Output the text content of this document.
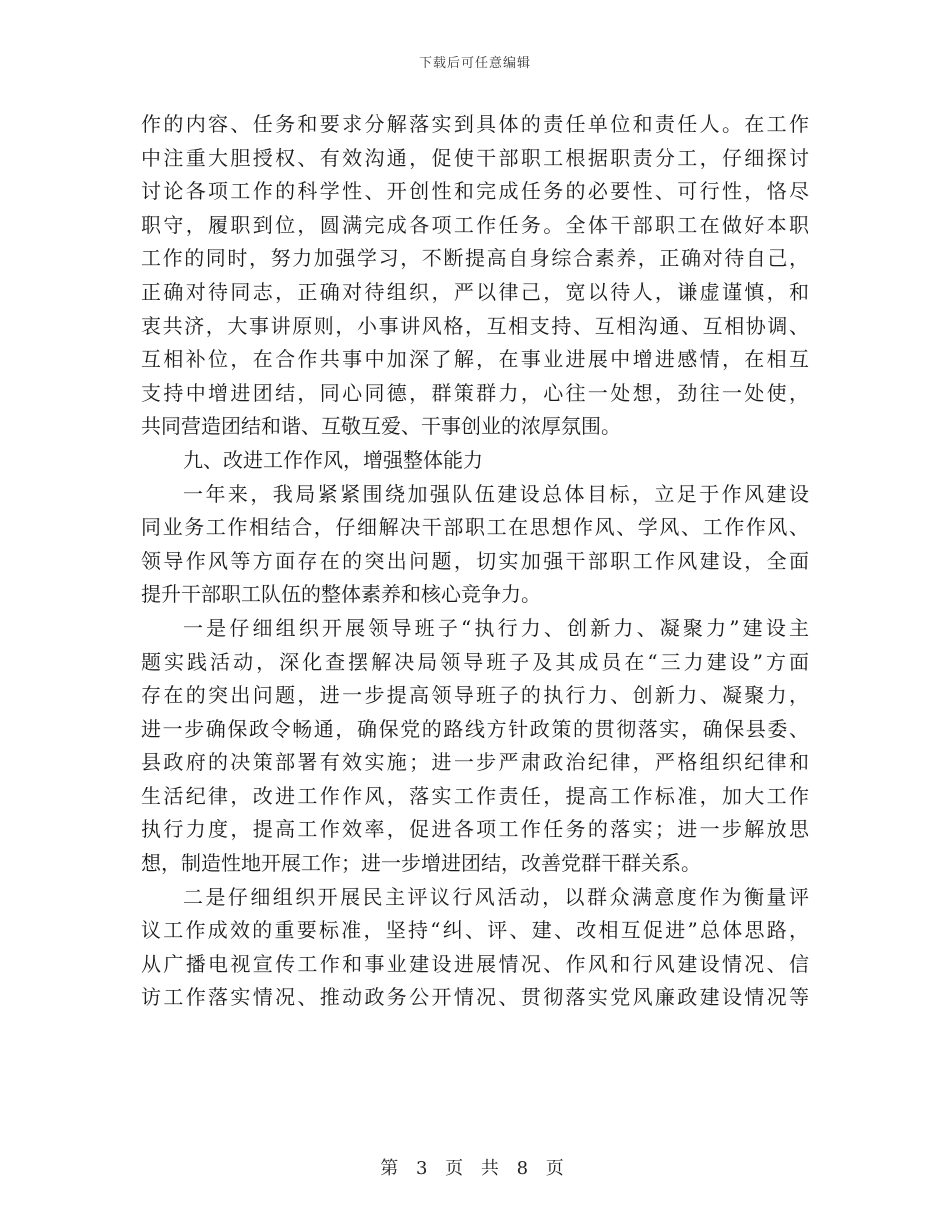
下载后可任意编辑
作的内容、任务和要求分解落实到具体的责任单位和责任人。在工作
中注重大胆授权、有效沟通，促使干部职工根据职责分工，仔细探讨
讨论各项工作的科学性、开创性和完成任务的必要性、可行性，恪尽
职守，履职到位，圆满完成各项工作任务。全体干部职工在做好本职
工作的同时，努力加强学习，不断提高自身综合素养，正确对待自己，
正确对待同志，正确对待组织，严以律己，宽以待人，谦虚谨慎，和
衷共济，大事讲原则，小事讲风格，互相支持、互相沟通、互相协调、
互相补位，在合作共事中加深了解，在事业进展中增进感情，在相互
支持中增进团结，同心同德，群策群力，心往一处想，劲往一处使，
共同营造团结和谐、互敬互爱、干事创业的浓厚氛围。
九、改进工作作风，增强整体能力
一年来，我局紧紧围绕加强队伍建设总体目标，立足于作风建设
同业务工作相结合，仔细解决干部职工在思想作风、学风、工作作风、
领导作风等方面存在的突出问题，切实加强干部职工作风建设，全面
提升干部职工队伍的整体素养和核心竞争力。
一是仔细组织开展领导班子“执行力、创新力、凝聚力”建设主
题实践活动，深化查摆解决局领导班子及其成员在“三力建设”方面
存在的突出问题，进一步提高领导班子的执行力、创新力、凝聚力，
进一步确保政令畅通，确保党的路线方针政策的贯彻落实，确保县委、
县政府的决策部署有效实施；进一步严肃政治纪律，严格组织纪律和
生活纪律，改进工作作风，落实工作责任，提高工作标准，加大工作
执行力度，提高工作效率，促进各项工作任务的落实；进一步解放思
想，制造性地开展工作；进一步增进团结，改善党群干群关系。
二是仔细组织开展民主评议行风活动，以群众满意度作为衡量评
议工作成效的重要标准，坚持“纠、评、建、改相互促进”总体思路，
从广播电视宣传工作和事业建设进展情况、作风和行风建设情况、信
访工作落实情况、推动政务公开情况、贯彻落实党风廉政建设情况等
第 3 页 共 8 页
